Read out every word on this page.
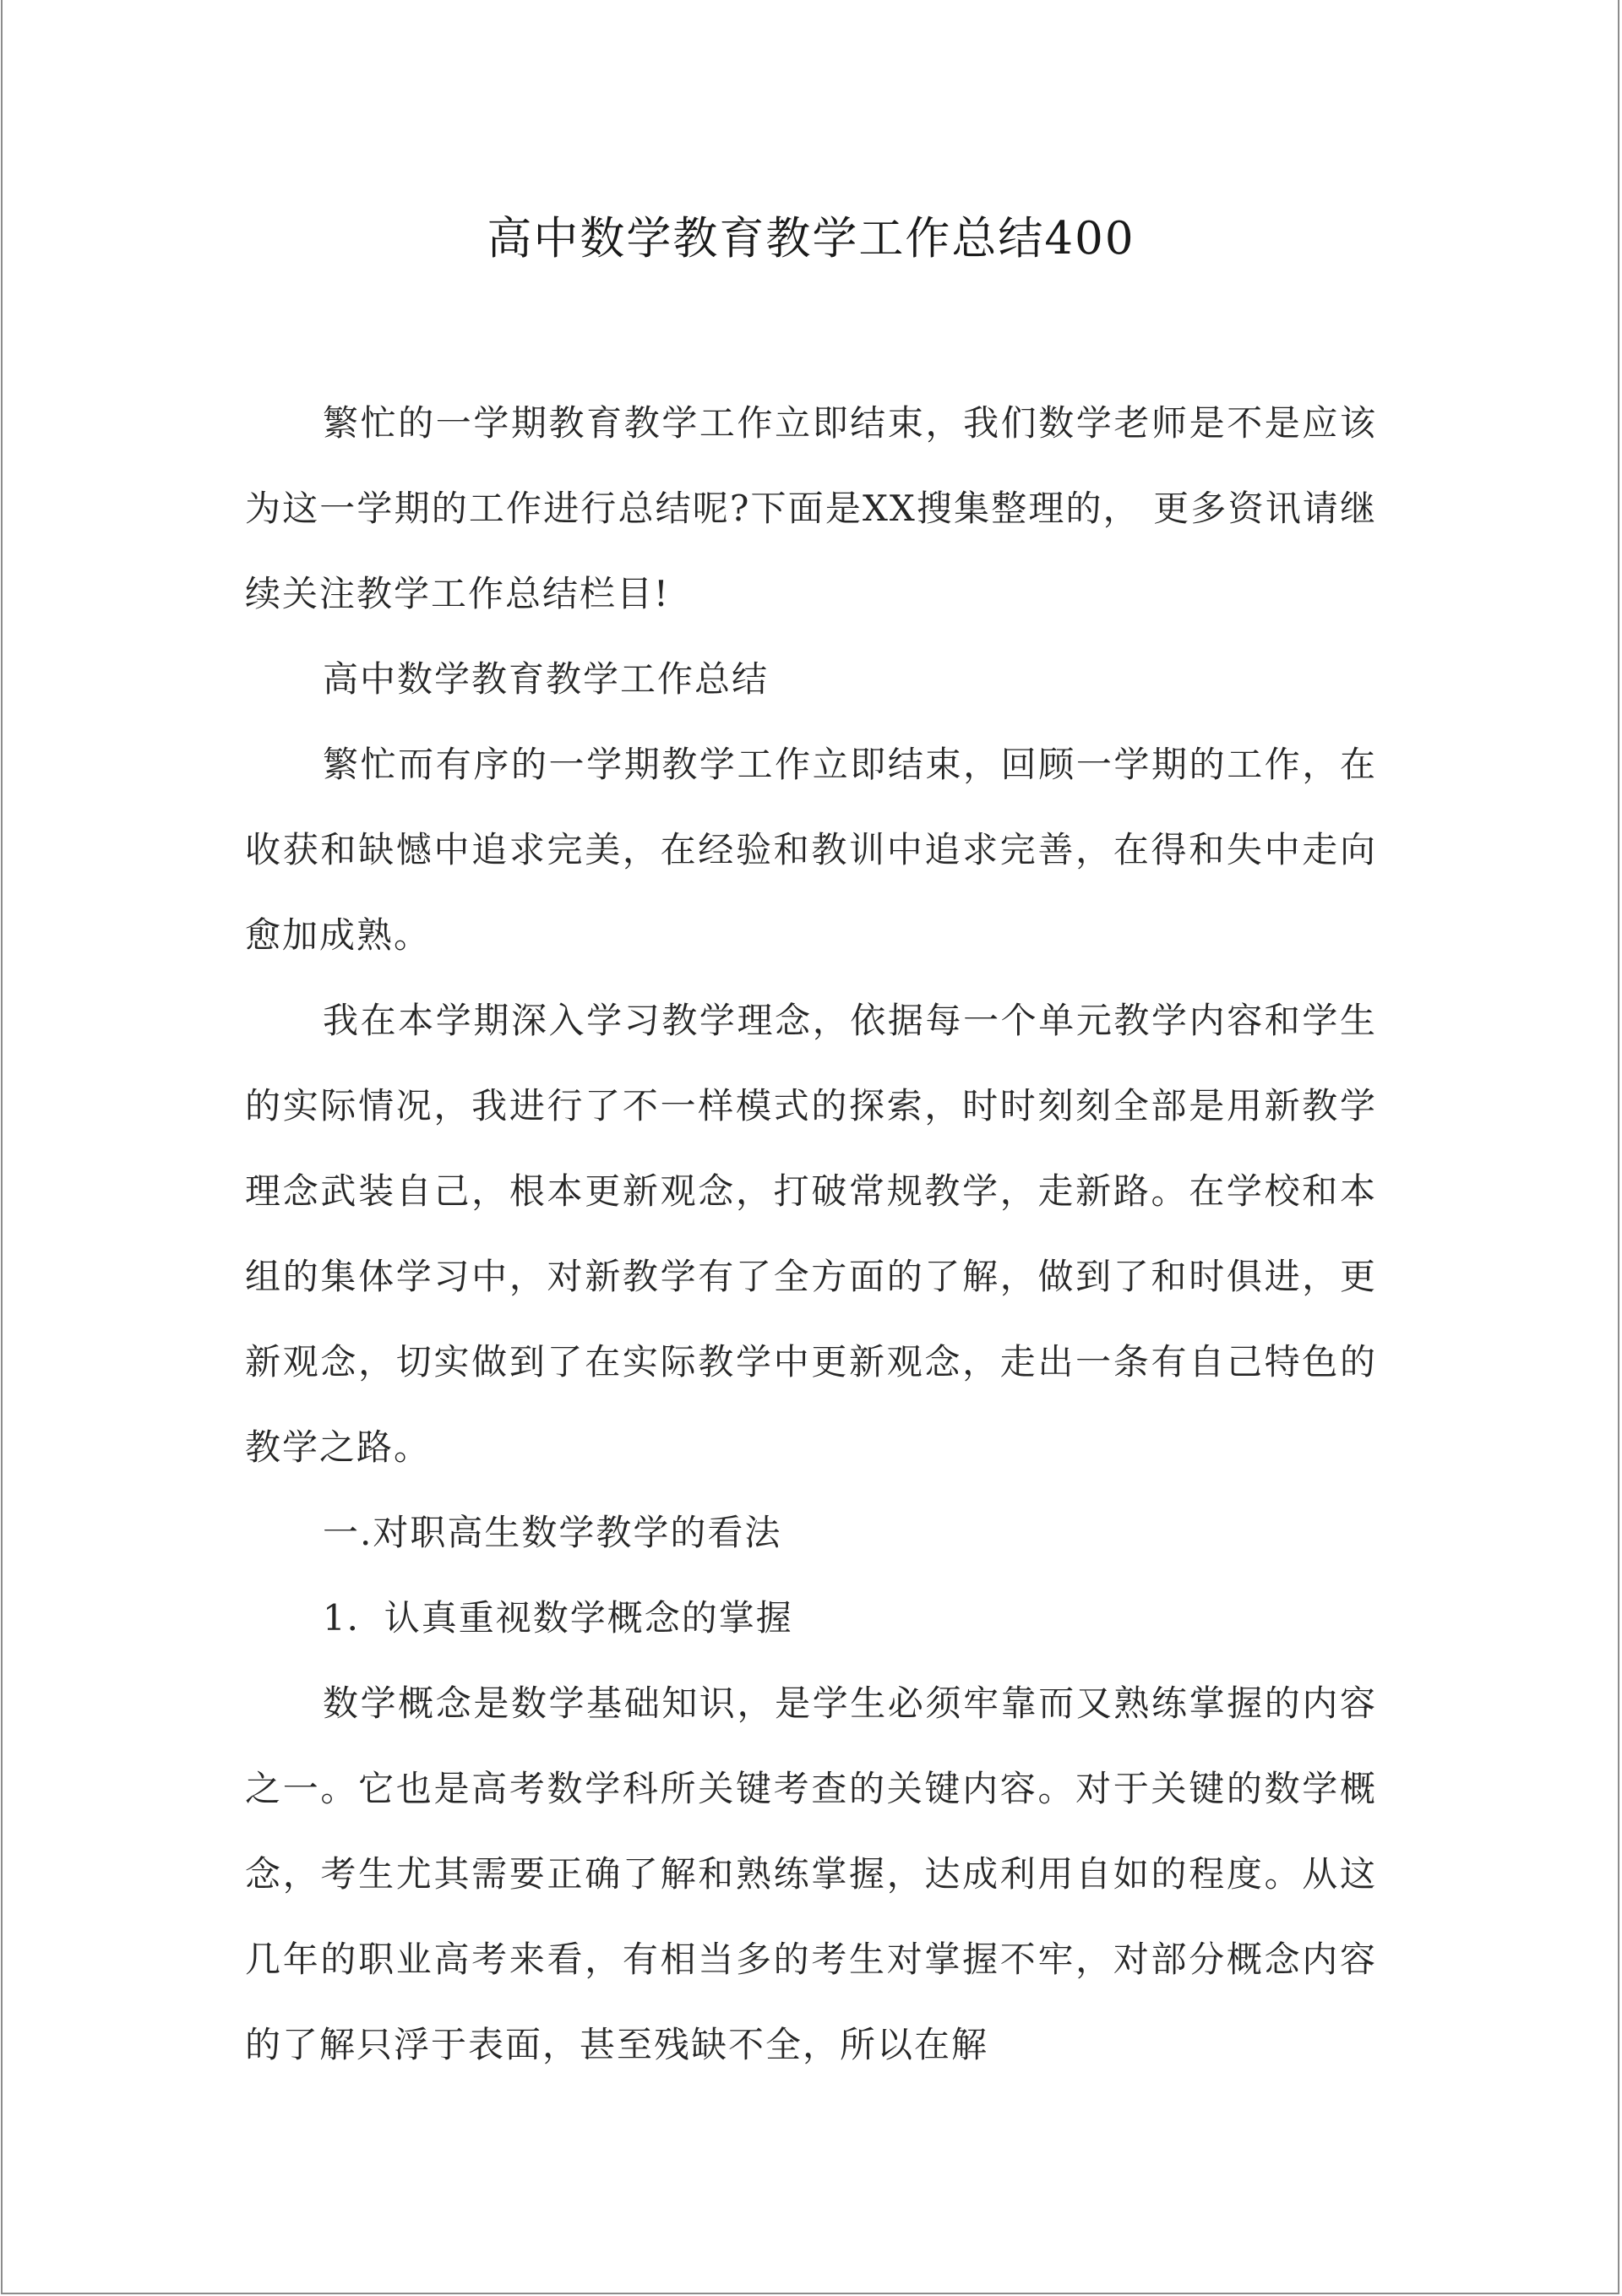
高中数学教育教学工作总结400

繁忙的一学期教育教学工作立即结束，我们数学老师是不是应该为这一学期的工作进行总结呢?下面是XX搜集整理的， 更多资讯请继续关注教学工作总结栏目!

高中数学教育教学工作总结

繁忙而有序的一学期教学工作立即结束，回顾一学期的工作，在收获和缺憾中追求完美，在经验和教训中追求完善，在得和失中走向愈加成熟。

我在本学期深入学习教学理念，依据每一个单元教学内容和学生的实际情况，我进行了不一样模式的探索，时时刻刻全部是用新教学理念武装自己，根本更新观念，打破常规教学，走新路。在学校和本组的集体学习中，对新教学有了全方面的了解，做到了和时俱进，更新观念，切实做到了在实际教学中更新观念，走出一条有自己特色的教学之路。

一.对职高生数学教学的看法

1．认真重视数学概念的掌握

数学概念是数学基础知识，是学生必须牢靠而又熟练掌握的内容之一。它也是高考数学科所关键考查的关键内容。对于关键的数学概念，考生尤其需要正确了解和熟练掌握，达成利用自如的程度。从这几年的职业高考来看，有相当多的考生对掌握不牢，对部分概念内容的了解只浮于表面，甚至残缺不全，所以在解
